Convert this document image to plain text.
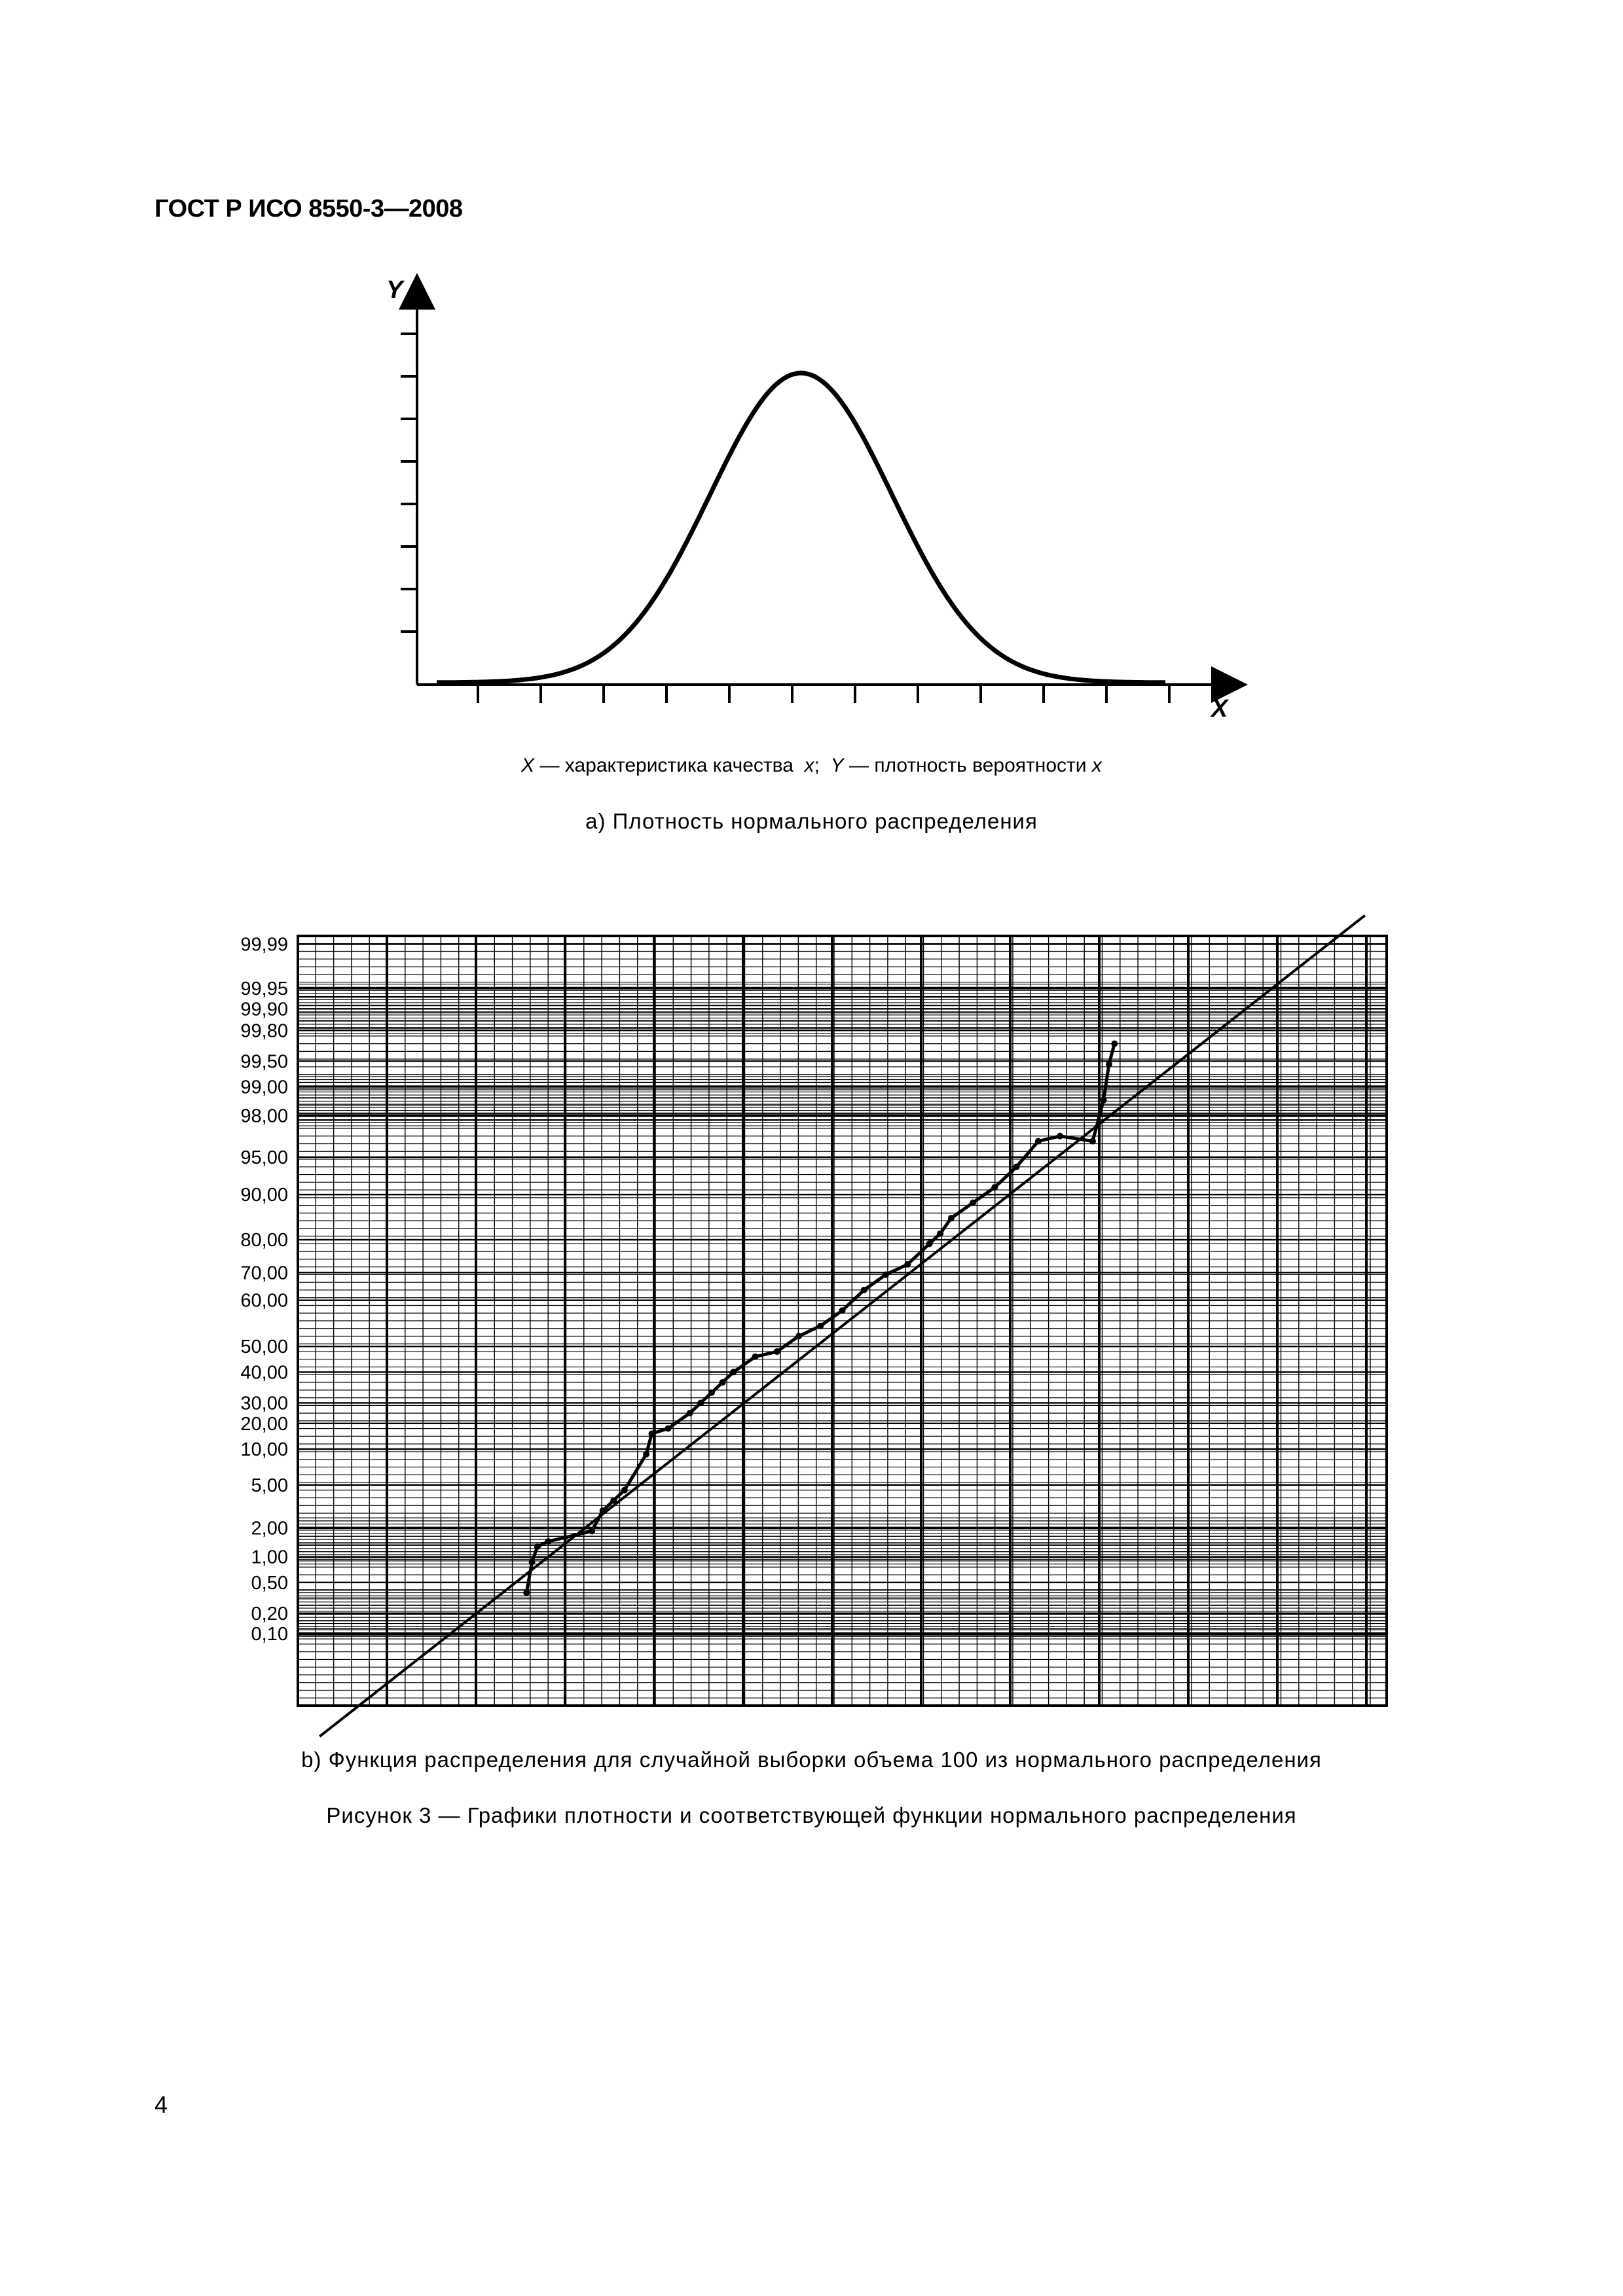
ГОСТ Р ИСО 8550-3—2008
Y
X
X — характеристика качества  x;  Y — плотность вероятности x
а) Плотность нормального распределения
99,99
99,95
99,90
99,80
99,50
99,00
98,00
95,00
90,00
80,00
70,00
60,00
50,00
40,00
30,00
20,00
10,00
5,00
2,00
1,00
0,50
0,20
0,10
b) Функция распределения для случайной выборки объема 100 из нормального распределения
Рисунок 3 — Графики плотности и соответствующей функции нормального распределения
4
